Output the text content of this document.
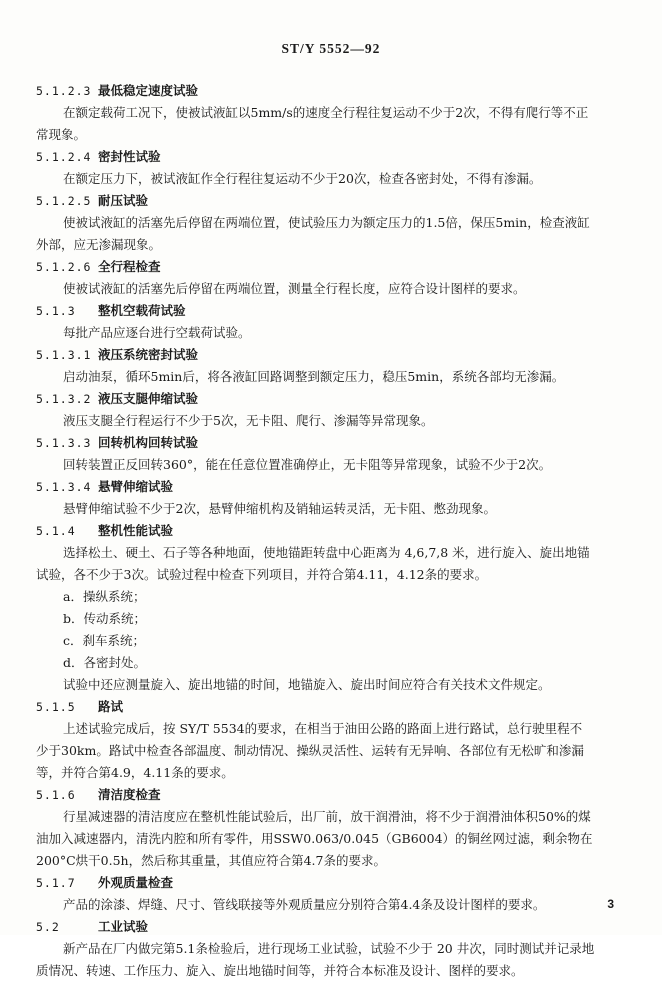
ST/Y 5552—92
5.1.2.3 最低稳定速度试验
在额定载荷工况下，使被试液缸以5mm/s的速度全行程往复运动不少于2次，不得有爬行等不正
常现象。
5.1.2.4 密封性试验
在额定压力下，被试液缸作全行程往复运动不少于20次，检查各密封处，不得有渗漏。
5.1.2.5 耐压试验
使被试液缸的活塞先后停留在两端位置，使试验压力为额定压力的1.5倍，保压5min，检查液缸
外部，应无渗漏现象。
5.1.2.6 全行程检查
使被试液缸的活塞先后停留在两端位置，测量全行程长度，应符合设计图样的要求。
5.1.3 整机空载荷试验
每批产品应逐台进行空载荷试验。
5.1.3.1 液压系统密封试验
启动油泵，循环5min后，将各液缸回路调整到额定压力，稳压5min，系统各部均无渗漏。
5.1.3.2 液压支腿伸缩试验
液压支腿全行程运行不少于5次，无卡阻、爬行、渗漏等异常现象。
5.1.3.3 回转机构回转试验
回转装置正反回转360°，能在任意位置准确停止，无卡阻等异常现象，试验不少于2次。
5.1.3.4 悬臂伸缩试验
悬臂伸缩试验不少于2次，悬臂伸缩机构及销轴运转灵活，无卡阻、憋劲现象。
5.1.4 整机性能试验
选择松土、硬土、石子等各种地面，使地锚距转盘中心距离为 4,6,7,8 米，进行旋入、旋出地锚
试验，各不少于3次。试验过程中检查下列项目，并符合第4.11，4.12条的要求。
a．操纵系统；
b．传动系统；
c．刹车系统；
d．各密封处。
试验中还应测量旋入、旋出地锚的时间，地锚旋入、旋出时间应符合有关技术文件规定。
5.1.5 路试
上述试验完成后，按 SY/T 5534的要求，在相当于油田公路的路面上进行路试，总行驶里程不
少于30km。路试中检查各部温度、制动情况、操纵灵活性、运转有无异响、各部位有无松旷和渗漏
等，并符合第4.9，4.11条的要求。
5.1.6 清洁度检查
行星减速器的清洁度应在整机性能试验后，出厂前，放干润滑油，将不少于润滑油体积50%的煤
油加入减速器内，清洗内腔和所有零件，用SSW0.063/0.045（GB6004）的铜丝网过滤，剩余物在
200°C烘干0.5h，然后称其重量，其值应符合第4.7条的要求。
5.1.7 外观质量检查
产品的涂漆、焊缝、尺寸、管线联接等外观质量应分别符合第4.4条及设计图样的要求。
5.2	工业试验
新产品在厂内做完第5.1条检验后，进行现场工业试验，试验不少于 20 井次，同时测试并记录地
质情况、转速、工作压力、旋入、旋出地锚时间等，并符合本标准及设计、图样的要求。
3
